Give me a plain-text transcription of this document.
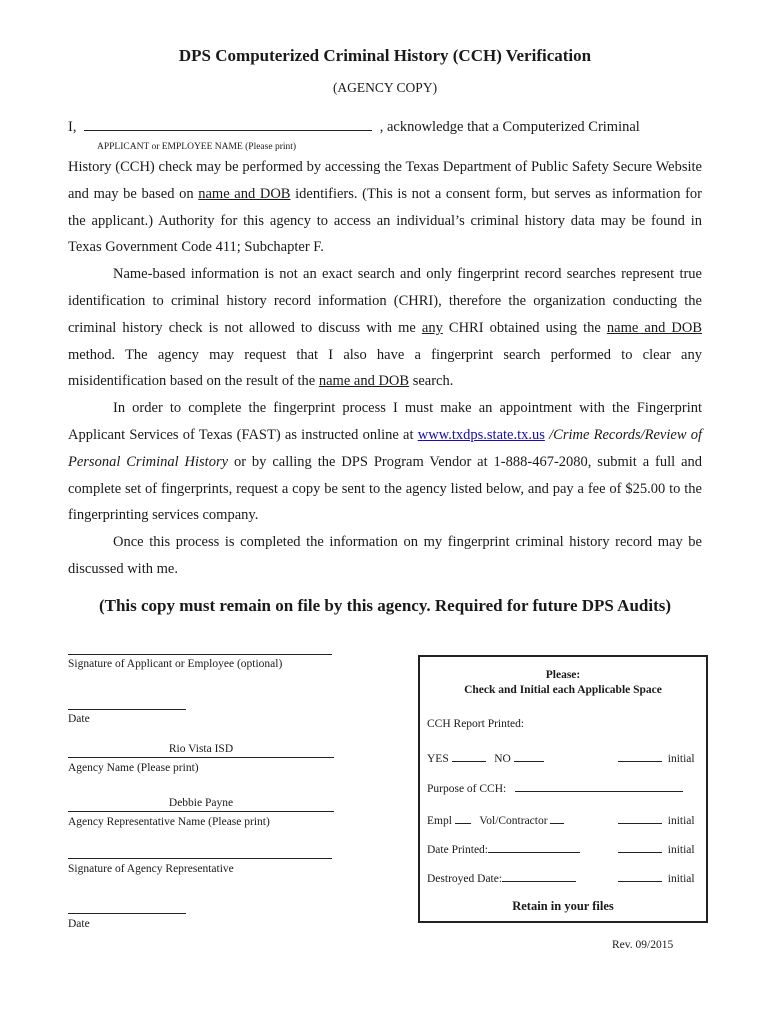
DPS Computerized Criminal History (CCH) Verification
(AGENCY COPY)
I,	, acknowledge that a Computerized Criminal
APPLICANT or EMPLOYEE NAME (Please print)

History (CCH) check may be performed by accessing the Texas Department of Public Safety Secure Website and may be based on name and DOB identifiers. (This is not a consent form, but serves as information for the applicant.) Authority for this agency to access an individual’s criminal history data may be found in Texas Government Code 411; Subchapter F.

Name-based information is not an exact search and only fingerprint record searches represent true identification to criminal history record information (CHRI), therefore the organization conducting the criminal history check is not allowed to discuss with me any CHRI obtained using the name and DOB method. The agency may request that I also have a fingerprint search performed to clear any misidentification based on the result of the name and DOB search.

In order to complete the fingerprint process I must make an appointment with the Fingerprint Applicant Services of Texas (FAST) as instructed online at www.txdps.state.tx.us /Crime Records/Review of Personal Criminal History or by calling the DPS Program Vendor at 1-888-467-2080, submit a full and complete set of fingerprints, request a copy be sent to the agency listed below, and pay a fee of $25.00 to the fingerprinting services company.

Once this process is completed the information on my fingerprint criminal history record may be discussed with me.

(This copy must remain on file by this agency. Required for future DPS Audits)
Signature of Applicant or Employee (optional)
Date
Rio Vista ISD
Agency Name (Please print)
Debbie Payne
Agency Representative Name (Please print)
Signature of Agency Representative
Date
Please:
Check and Initial each Applicable Space
CCH Report Printed:
YES	NO	initial
Purpose of CCH:
Empl Vol/Contractor	initial
Date Printed:	initial
Destroyed Date:	initial
Retain in your files
Rev. 09/2015
